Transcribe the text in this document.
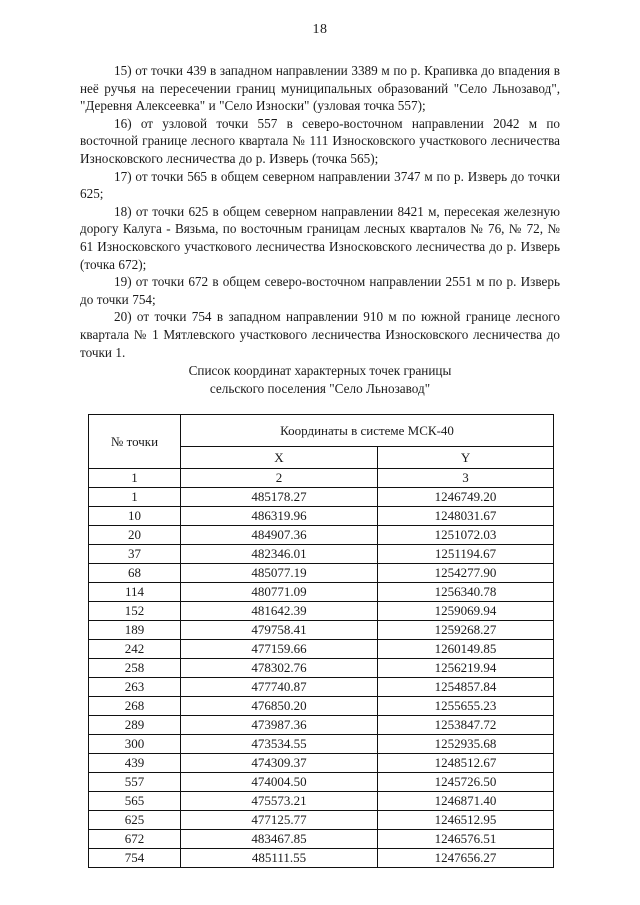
18

15) от точки 439 в западном направлении 3389 м по р. Крапивка до впадения в неё ручья на пересечении границ муниципальных образований "Село Льнозавод", "Деревня Алексеевка" и "Село Износки" (узловая точка 557);

16) от узловой точки 557 в северо-восточном направлении 2042 м по восточной границе лесного квартала № 111 Износковского участкового лесничества Износковского лесничества до р. Изверь (точка 565);

17) от точки 565 в общем северном направлении 3747 м по р. Изверь до точки 625;

18) от точки 625 в общем северном направлении 8421 м, пересекая железную дорогу Калуга - Вязьма, по восточным границам лесных кварталов № 76, № 72, № 61 Износковского участкового лесничества Износковского лесничества до р. Изверь (точка 672);

19) от точки 672 в общем северо-восточном направлении 2551 м по р. Изверь до точки 754;

20) от точки 754 в западном направлении 910 м по южной границе лесного квартала № 1 Мятлевского участкового лесничества Износковского лесничества до точки 1.

Список координат характерных точек границы
сельского поселения "Село Льнозавод"
№ точки	Координаты в системе МСК-40	
	X	Y
1	2	3
1	485178.27	1246749.20
10	486319.96	1248031.67
20	484907.36	1251072.03
37	482346.01	1251194.67
68	485077.19	1254277.90
114	480771.09	1256340.78
152	481642.39	1259069.94
189	479758.41	1259268.27
242	477159.66	1260149.85
258	478302.76	1256219.94
263	477740.87	1254857.84
268	476850.20	1255655.23
289	473987.36	1253847.72
300	473534.55	1252935.68
439	474309.37	1248512.67
557	474004.50	1245726.50
565	475573.21	1246871.40
625	477125.77	1246512.95
672	483467.85	1246576.51
754	485111.55	1247656.27
